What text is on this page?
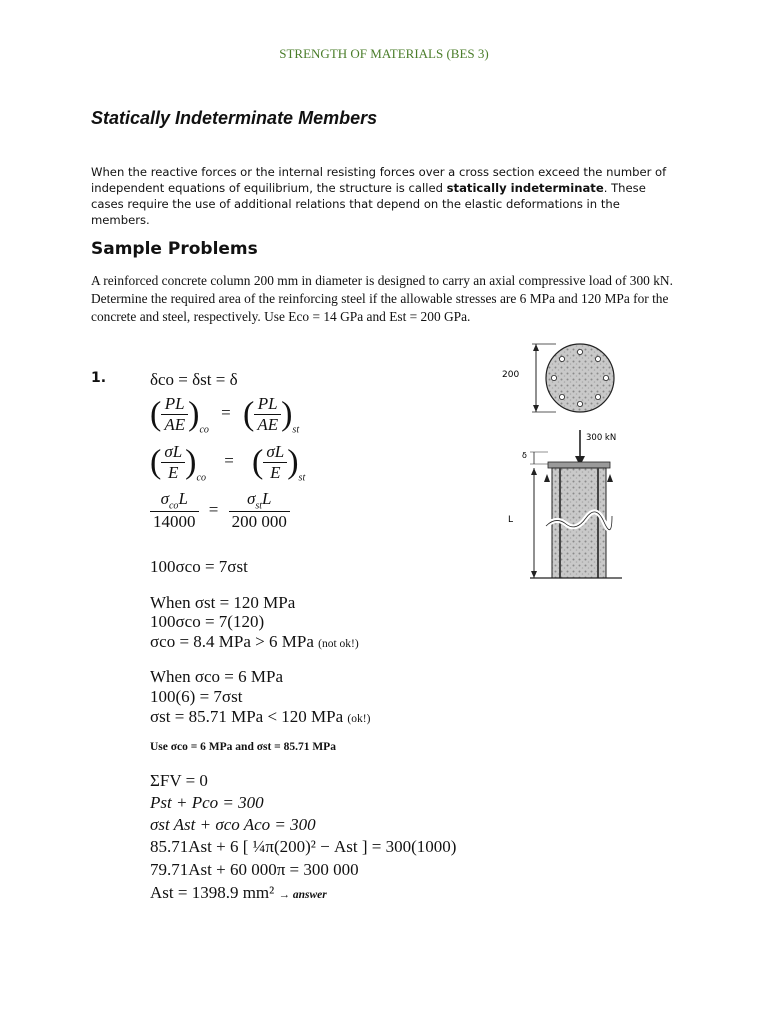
STRENGTH OF MATERIALS (BES 3)
Statically Indeterminate Members
When the reactive forces or the internal resisting forces over a cross section exceed the number of independent equations of equilibrium, the structure is called statically indeterminate. These cases require the use of additional relations that depend on the elastic deformations in the members.
Sample Problems
A reinforced concrete column 200 mm in diameter is designed to carry an axial compressive load of 300 kN. Determine the required area of the reinforcing steel if the allowable stresses are 6 MPa and 120 MPa for the concrete and steel, respectively. Use Eco = 14 GPa and Est = 200 GPa.
1.	δco = δst = δ
( $\frac{PL}{AE} )_{co}$ = ( $\frac{PL}{AE} )_{st}$
( $\frac{\sigma L}{E} )_{co}$ = ( $\frac{\sigma L}{E} )_{st}$
$\frac{\sigma_{co}L}{14000} = \frac{\sigma_{st}L}{200 000}$
100σco = 7σst
When σst = 120 MPa
100σco = 7(120)
σco = 8.4 MPa > 6 MPa (not ok!)
When σco = 6 MPa
100(6) = 7σst
σst = 85.71 MPa < 120 MPa (ok!)
Use σco = 6 MPa and σst = 85.71 MPa
ΣFV = 0
Pst + Pco = 300
σst Ast + σco Aco = 300
85.71Ast + 6 [ ¼π(200)² − Ast ] = 300(1000)
79.71Ast + 60 000π = 300 000
Ast = 1398.9 mm² → answer
200
300 kN
δ
L
